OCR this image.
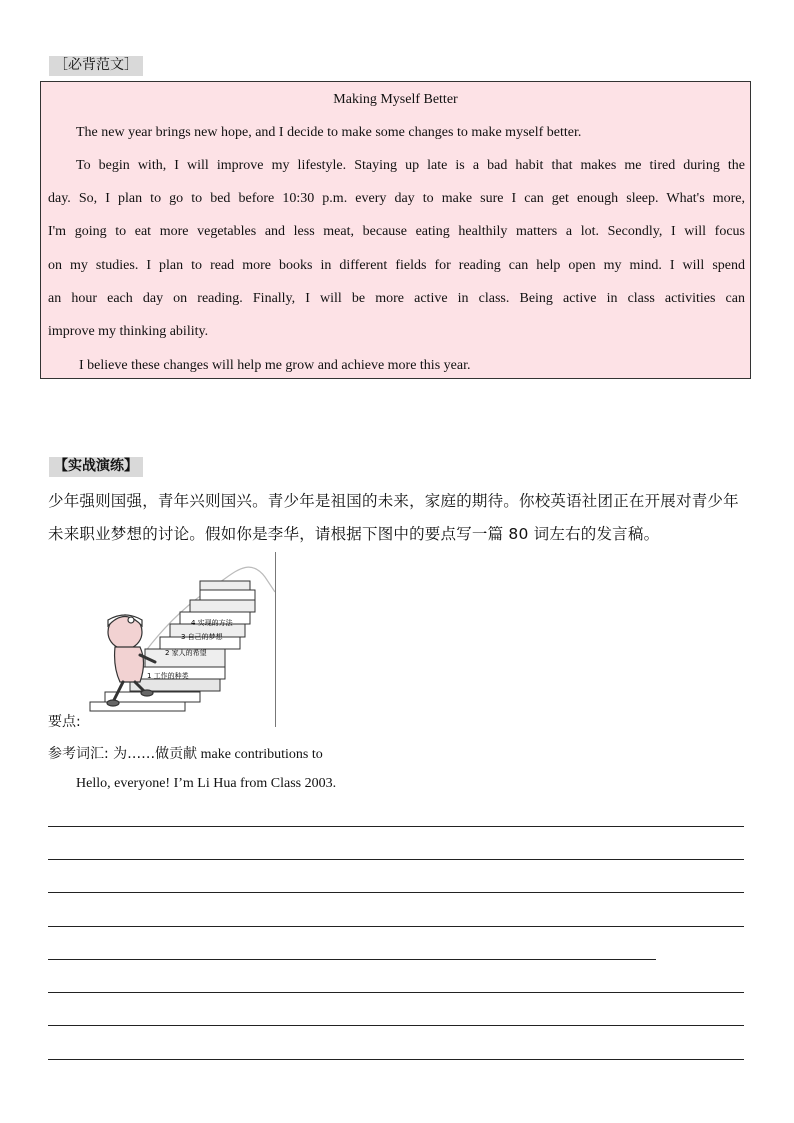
［必背范文］
Making Myself Better
The new year brings new hope, and I decide to make some changes to make myself better.
To begin with, I will improve my lifestyle. Staying up late is a bad habit that makes me tired during the
day. So, I plan to go to bed before 10:30 p.m. every day to make sure I can get enough sleep. What's more,
I'm going to eat more vegetables and less meat, because eating healthily matters a lot. Secondly, I will focus
on my studies. I plan to read more books in different fields for reading can help open my mind. I will spend
an hour each day on reading. Finally, I will be more active in class. Being active in class activities can
improve my thinking ability.
I believe these changes will help me grow and achieve more this year.
【实战演练】
少年强则国强，青年兴则国兴。青少年是祖国的未来，家庭的期待。你校英语社团正在开展对青少年
未来职业梦想的讨论。假如你是李华，请根据下图中的要点写一篇 80 词左右的发言稿。
1 工作的种类
2 家人的希望
3 自己的梦想
4 实现的方法
要点:
参考词汇: 为……做贡献 make contributions to
Hello, everyone! I’m Li Hua from Class 2003.
